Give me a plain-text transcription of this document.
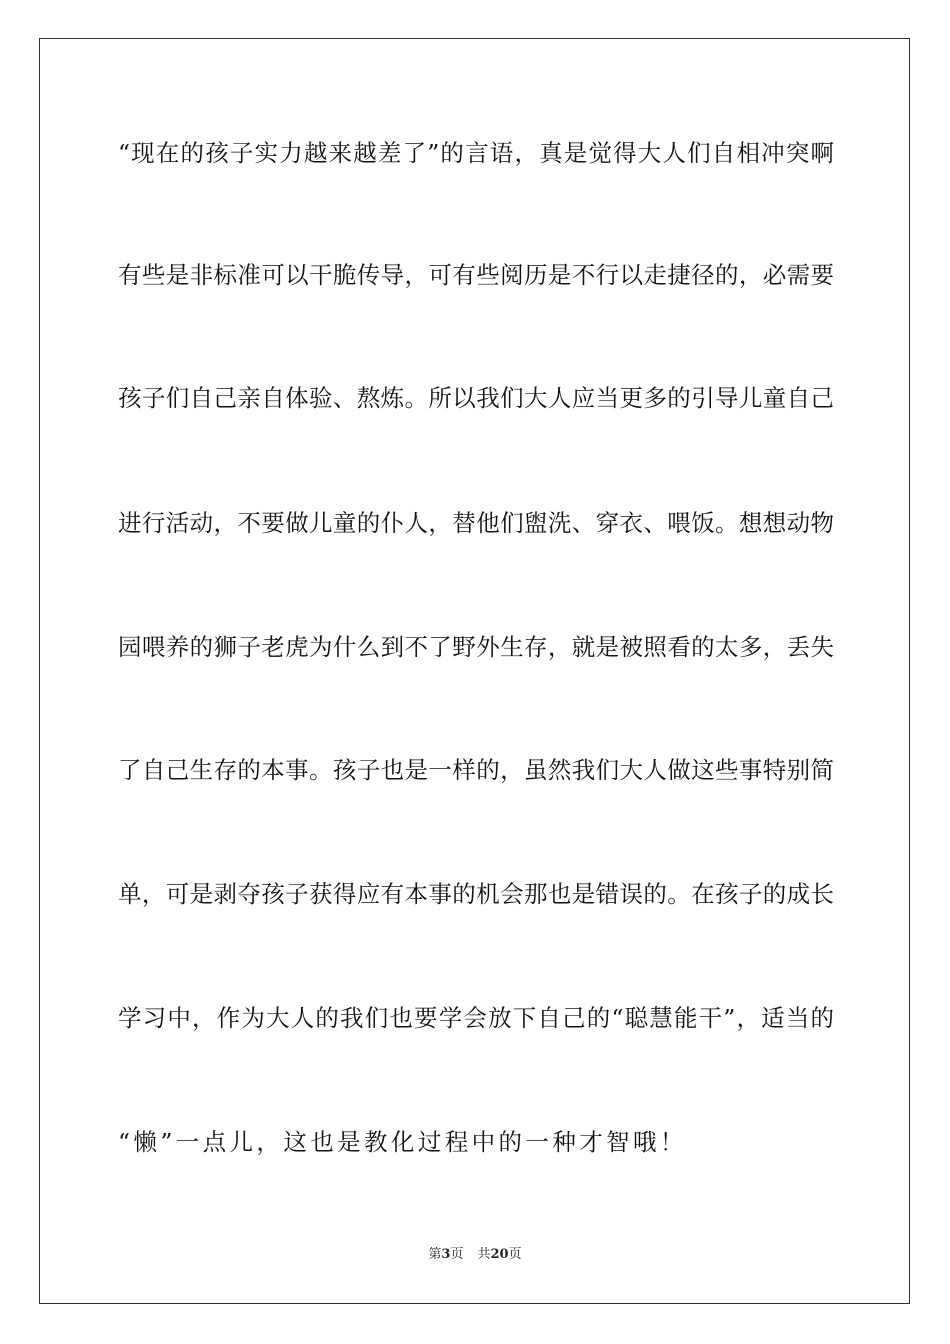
“现在的孩子实力越来越差了”的言语，真是觉得大人们自相冲突啊
有些是非标准可以干脆传导，可有些阅历是不行以走捷径的，必需要
孩子们自己亲自体验、熬炼。所以我们大人应当更多的引导儿童自己
进行活动，不要做儿童的仆人，替他们盥洗、穿衣、喂饭。想想动物
园喂养的狮子老虎为什么到不了野外生存，就是被照看的太多，丢失
了自己生存的本事。孩子也是一样的，虽然我们大人做这些事特别简
单，可是剥夺孩子获得应有本事的机会那也是错误的。在孩子的成长
学习中，作为大人的我们也要学会放下自己的“聪慧能干”，适当的
“懒”一点儿，这也是教化过程中的一种才智哦！
第3页 共20页
